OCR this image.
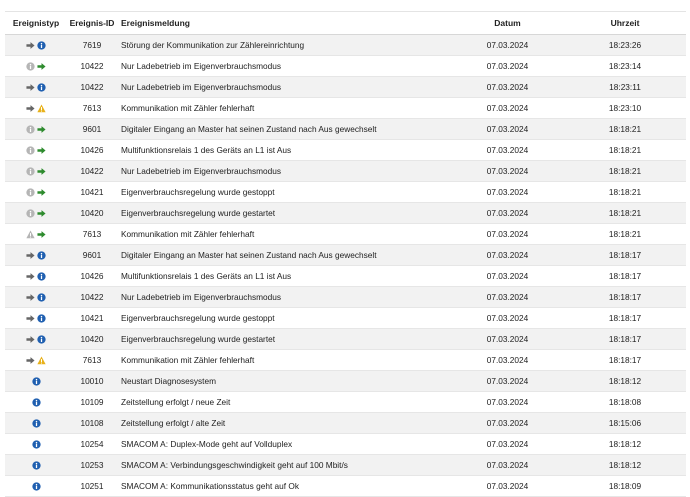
Ereignistyp	Ereignis-ID	Ereignismeldung	Datum	Uhrzeit

	7619	Störung der Kommunikation zur Zählereinrichtung	07.03.2024	18:23:26

	10422	Nur Ladebetrieb im Eigenverbrauchsmodus	07.03.2024	18:23:14

	10422	Nur Ladebetrieb im Eigenverbrauchsmodus	07.03.2024	18:23:11

	7613	Kommunikation mit Zähler fehlerhaft	07.03.2024	18:23:10

	9601	Digitaler Eingang an Master hat seinen Zustand nach Aus gewechselt	07.03.2024	18:18:21

	10426	Multifunktionsrelais 1 des Geräts an L1 ist Aus	07.03.2024	18:18:21

	10422	Nur Ladebetrieb im Eigenverbrauchsmodus	07.03.2024	18:18:21

	10421	Eigenverbrauchsregelung wurde gestoppt	07.03.2024	18:18:21

	10420	Eigenverbrauchsregelung wurde gestartet	07.03.2024	18:18:21

	7613	Kommunikation mit Zähler fehlerhaft	07.03.2024	18:18:21

	9601	Digitaler Eingang an Master hat seinen Zustand nach Aus gewechselt	07.03.2024	18:18:17

	10426	Multifunktionsrelais 1 des Geräts an L1 ist Aus	07.03.2024	18:18:17

	10422	Nur Ladebetrieb im Eigenverbrauchsmodus	07.03.2024	18:18:17

	10421	Eigenverbrauchsregelung wurde gestoppt	07.03.2024	18:18:17

	10420	Eigenverbrauchsregelung wurde gestartet	07.03.2024	18:18:17

	7613	Kommunikation mit Zähler fehlerhaft	07.03.2024	18:18:17

	10010	Neustart Diagnosesystem	07.03.2024	18:18:12

	10109	Zeitstellung erfolgt / neue Zeit	07.03.2024	18:18:08

	10108	Zeitstellung erfolgt / alte Zeit	07.03.2024	18:15:06

	10254	SMACOM A: Duplex-Mode geht auf Vollduplex	07.03.2024	18:18:12

	10253	SMACOM A: Verbindungsgeschwindigkeit geht auf 100 Mbit/s	07.03.2024	18:18:12

	10251	SMACOM A: Kommunikationsstatus geht auf Ok	07.03.2024	18:18:09
